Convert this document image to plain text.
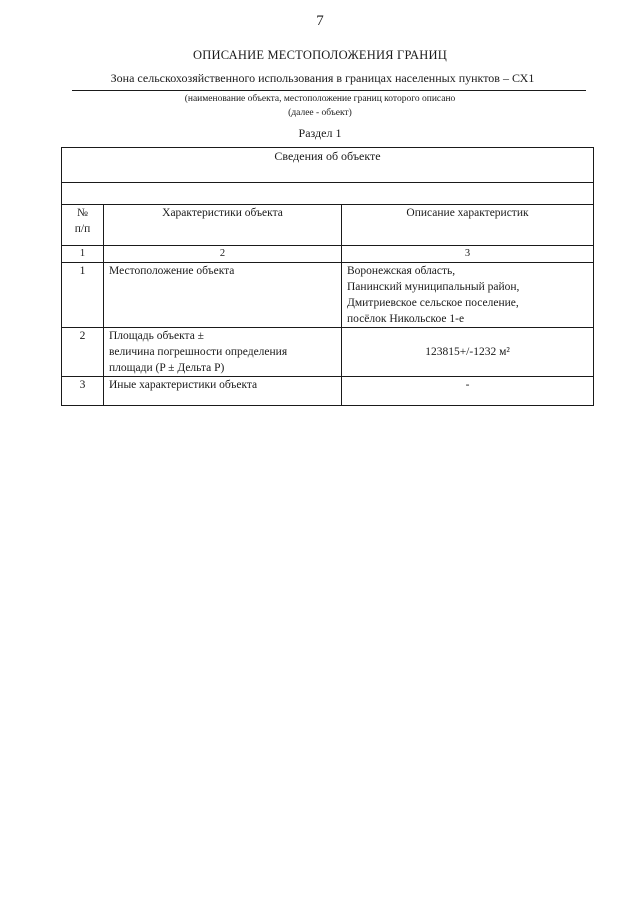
7
ОПИСАНИЕ МЕСТОПОЛОЖЕНИЯ ГРАНИЦ
Зона сельскохозяйственного использования в границах населенных пунктов – СХ1
(наименование объекта, местоположение границ которого описано
(далее - объект)
Раздел 1
Сведения об объекте		

№
п/п	Характеристики объекта	Описание характеристик
1	2	3
1	Местоположение объекта	Воронежская область,
Панинский муниципальный район,
Дмитриевское сельское поселение,
посёлок Никольское 1-е

2	Площадь объекта ±
величина погрешности определения
площади (P ± Дельта P)	123815+/-1232 м²
3	Иные характеристики объекта	-
